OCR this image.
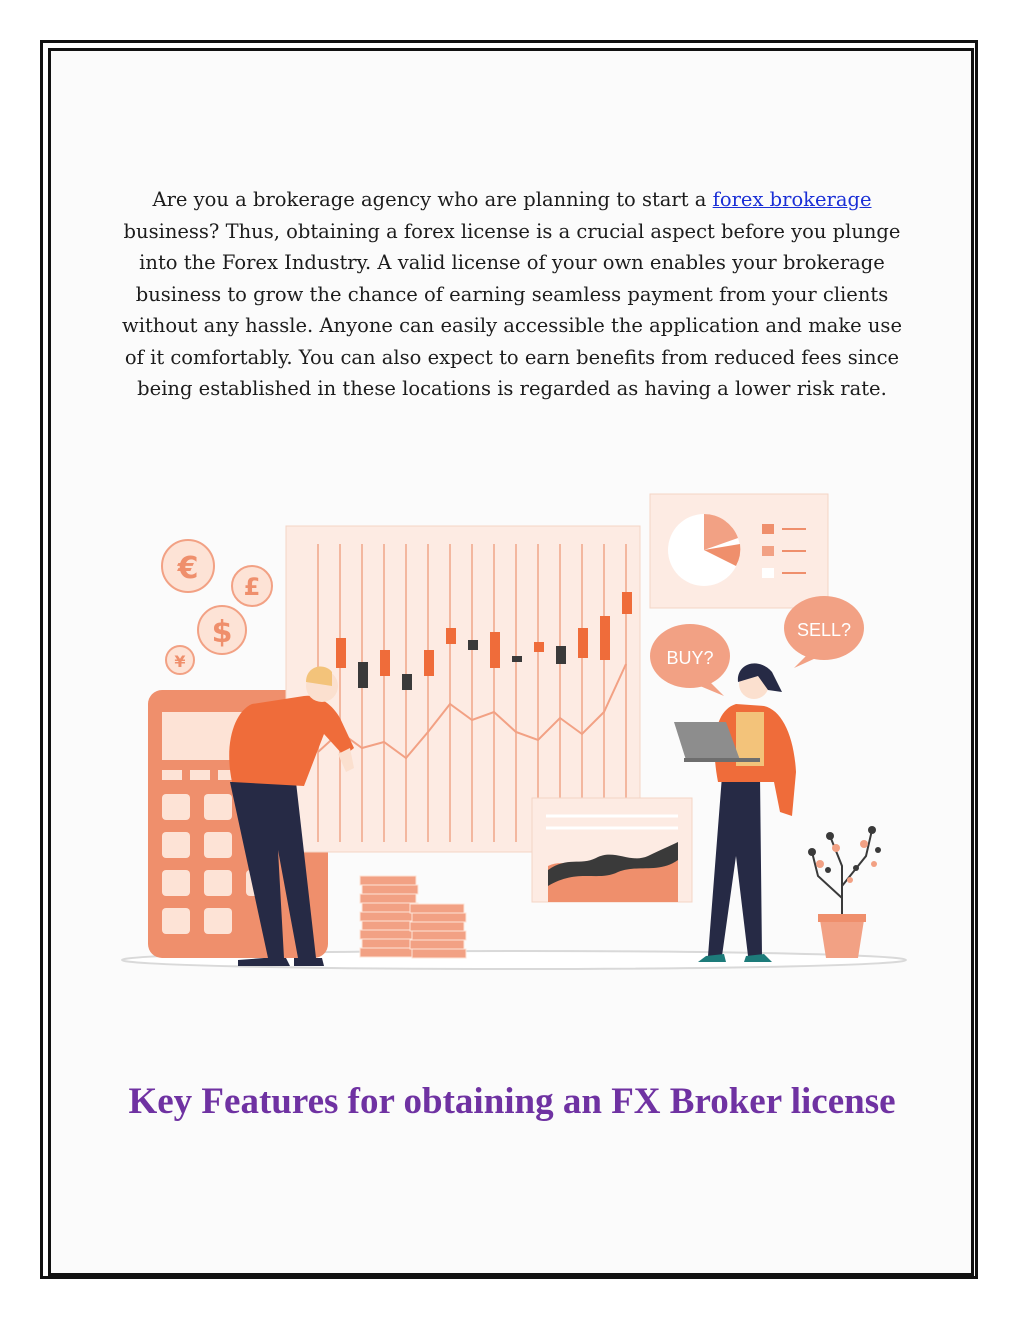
Are you a brokerage agency who are planning to start a forex brokerage business? Thus, obtaining a forex license is a crucial aspect before you plunge into the Forex Industry. A valid license of your own enables your brokerage business to grow the chance of earning seamless payment from your clients without any hassle. Anyone can easily accessible the application and make use of it comfortably. You can also expect to earn benefits from reduced fees since being established in these locations is regarded as having a lower risk rate.

€
£
$
¥	BUY?
SELL?
Key Features for obtaining an FX Broker license
